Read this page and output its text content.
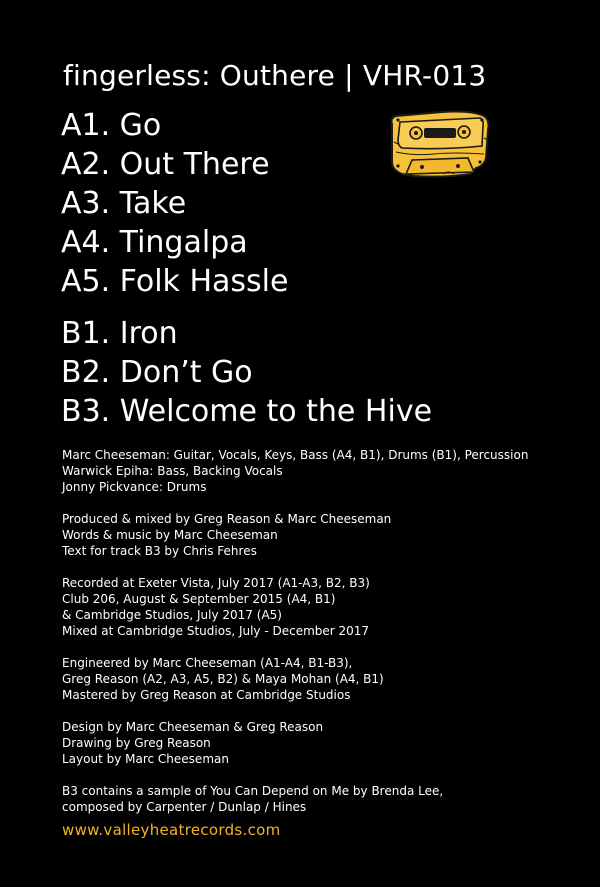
fingerless: Outhere | VHR-013
A1. Go
A2. Out There
A3. Take
A4. Tingalpa
A5. Folk Hassle
B1. Iron
B2. Don’t Go
B3. Welcome to the Hive
Marc Cheeseman: Guitar, Vocals, Keys, Bass (A4, B1), Drums (B1), Percussion
Warwick Epiha: Bass, Backing Vocals
Jonny Pickvance: Drums
Produced & mixed by Greg Reason & Marc Cheeseman
Words & music by Marc Cheeseman
Text for track B3 by Chris Fehres
Recorded at Exeter Vista, July 2017 (A1-A3, B2, B3)
Club 206, August & September 2015 (A4, B1)
& Cambridge Studios, July 2017 (A5)
Mixed at Cambridge Studios, July - December 2017
Engineered by Marc Cheeseman (A1-A4, B1-B3),
Greg Reason (A2, A3, A5, B2) & Maya Mohan (A4, B1)
Mastered by Greg Reason at Cambridge Studios
Design by Marc Cheeseman & Greg Reason
Drawing by Greg Reason
Layout by Marc Cheeseman
B3 contains a sample of You Can Depend on Me by Brenda Lee,
composed by Carpenter / Dunlap / Hines
www.valleyheatrecords.com
